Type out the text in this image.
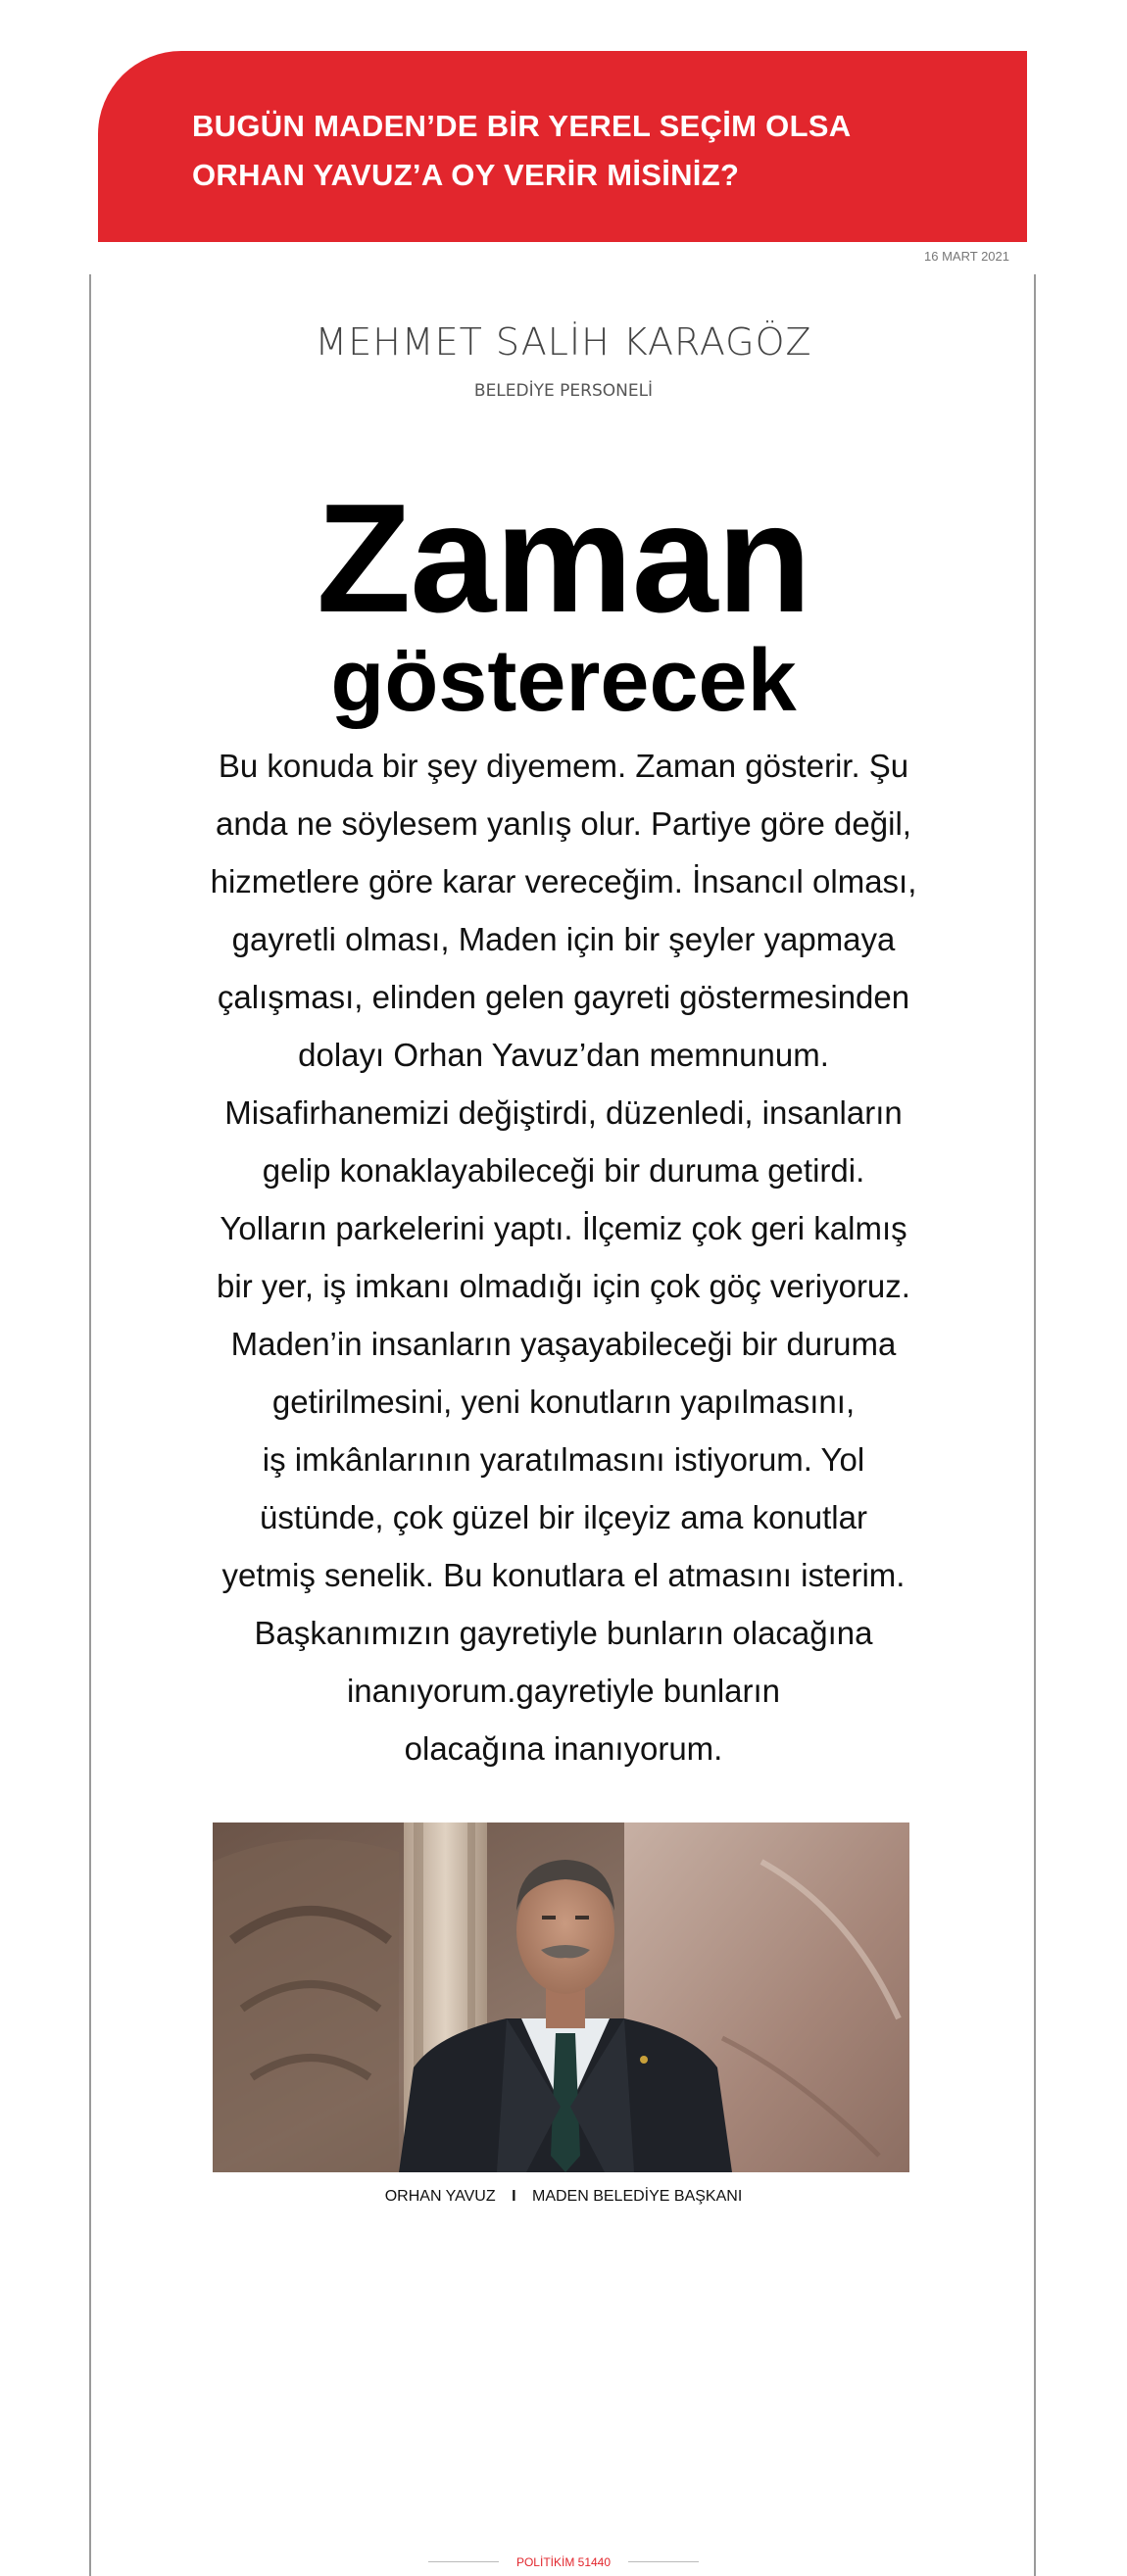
BUGÜN MADEN’DE BİR YEREL SEÇİM OLSA
ORHAN YAVUZ’A OY VERİR MİSİNİZ?
16 MART 2021
MEHMET SALİH KARAGÖZ
BELEDİYE PERSONELİ
Zaman
gösterecek
Bu konuda bir şey diyemem. Zaman gösterir. Şu
anda ne söylesem yanlış olur. Partiye göre değil,
hizmetlere göre karar vereceğim. İnsancıl olması,
gayretli olması, Maden için bir şeyler yapmaya
çalışması, elinden gelen gayreti göstermesinden
dolayı Orhan Yavuz’dan memnunum.
Misafirhanemizi değiştirdi, düzenledi, insanların
gelip konaklayabileceği bir duruma getirdi.
Yolların parkelerini yaptı. İlçemiz çok geri kalmış
bir yer, iş imkanı olmadığı için çok göç veriyoruz.
Maden’in insanların yaşayabileceği bir duruma
getirilmesini, yeni konutların yapılmasını,
iş imkânlarının yaratılmasını istiyorum. Yol
üstünde, çok güzel bir ilçeyiz ama konutlar
yetmiş senelik. Bu konutlara el atmasını isterim.
Başkanımızın gayretiyle bunların olacağına
inanıyorum.gayretiyle bunların
olacağına inanıyorum.
ORHAN YAVUZ I MADEN BELEDİYE BAŞKANI
POLİTİKİM 51440
